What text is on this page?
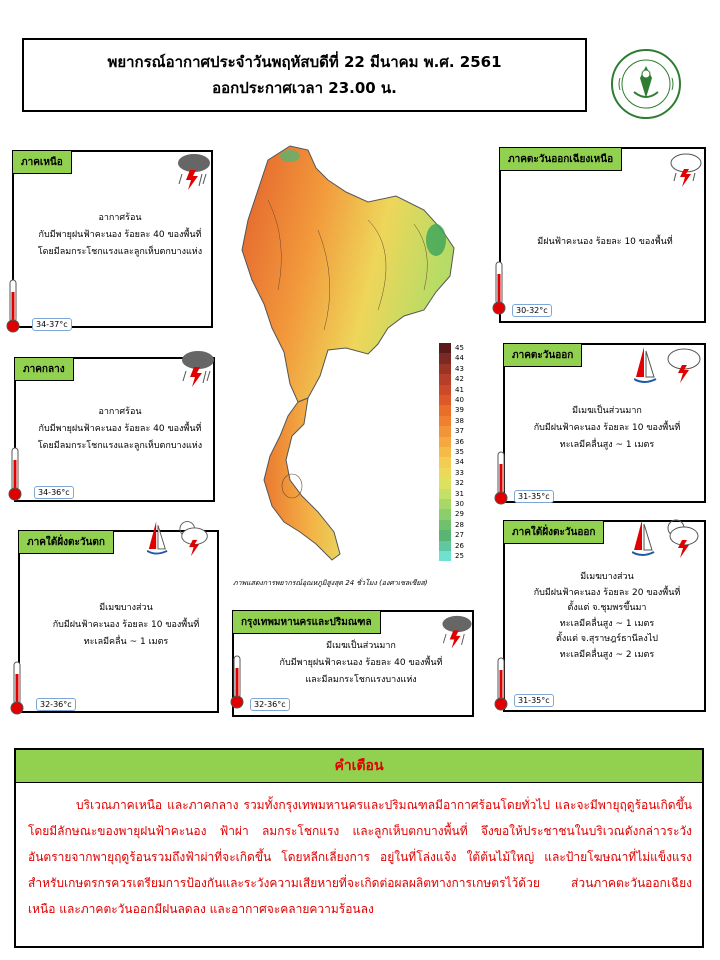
พยากรณ์อากาศประจำวันพฤหัสบดีที่ 22 มีนาคม พ.ศ. 2561
ออกประกาศเวลา 23.00 น.
ภาคเหนือ
อากาศร้อน
กับมีพายุฝนฟ้าคะนอง ร้อยละ 40 ของพื้นที่
โดยมีลมกระโชกแรงและลูกเห็บตกบางแห่ง
ภาคกลาง
อากาศร้อน
กับมีพายุฝนฟ้าคะนอง ร้อยละ 40 ของพื้นที่
โดยมีลมกระโชกแรงและลูกเห็บตกบางแห่ง
ภาคใต้ฝั่งตะวันตก
มีเมฆบางส่วน
กับมีฝนฟ้าคะนอง ร้อยละ 10 ของพื้นที่
ทะเลมีคลื่น ~ 1 เมตร
กรุงเทพมหานครและปริมณฑล
มีเมฆเป็นส่วนมาก
กับมีพายุฝนฟ้าคะนอง ร้อยละ 40 ของพื้นที่
และมีลมกระโชกแรงบางแห่ง
ภาคตะวันออกเฉียงเหนือ
มีฝนฟ้าคะนอง ร้อยละ 10 ของพื้นที่
ภาคตะวันออก
มีเมฆเป็นส่วนมาก
กับมีฝนฟ้าคะนอง ร้อยละ 10 ของพื้นที่
ทะเลมีคลื่นสูง ~ 1 เมตร
ภาคใต้ฝั่งตะวันออก
มีเมฆบางส่วน
กับมีฝนฟ้าคะนอง ร้อยละ 20 ของพื้นที่
ตั้งแต่ จ.ชุมพรขึ้นมา
ทะเลมีคลื่นสูง ~ 1 เมตร
ตั้งแต่ จ.สุราษฎร์ธานีลงไป
ทะเลมีคลื่นสูง ~ 2 เมตร
34-37°c
34-36°c
32-36°c	32-36°c
30-32°c
31-35°c
31-35°c
45
44
43
42
41
40
39
38
37
36
35
34
33
32
31
30
29
28
27
26
25
ภาพแสดงการพยากรณ์อุณหภูมิสูงสุด 24 ชั่วโมง (องศาเซลเซียส)
คำเตือน
บริเวณภาคเหนือ และภาคกลาง รวมทั้งกรุงเทพมหานครและปริมณฑลมีอากาศร้อนโดยทั่วไป และจะมีพายุฤดูร้อนเกิดขึ้นโดยมีลักษณะของพายุฝนฟ้าคะนอง ฟ้าผ่า ลมกระโชกแรง และลูกเห็บตกบางพื้นที่ จึงขอให้ประชาชนในบริเวณดังกล่าวระวังอันตรายจากพายุฤดูร้อนรวมถึงฟ้าผ่าที่จะเกิดขึ้น โดยหลีกเลี่ยงการ อยู่ในที่โล่งแจ้ง ใต้ต้นไม้ใหญ่ และป้ายโฆษณาที่ไม่แข็งแรง สำหรับเกษตรกรควรเตรียมการป้องกันและระวังความเสียหายที่จะเกิดต่อผลผลิตทางการเกษตรไว้ด้วย ส่วนภาคตะวันออกเฉียงเหนือ และภาคตะวันออกมีฝนลดลง และอากาศจะคลายความร้อนลง
